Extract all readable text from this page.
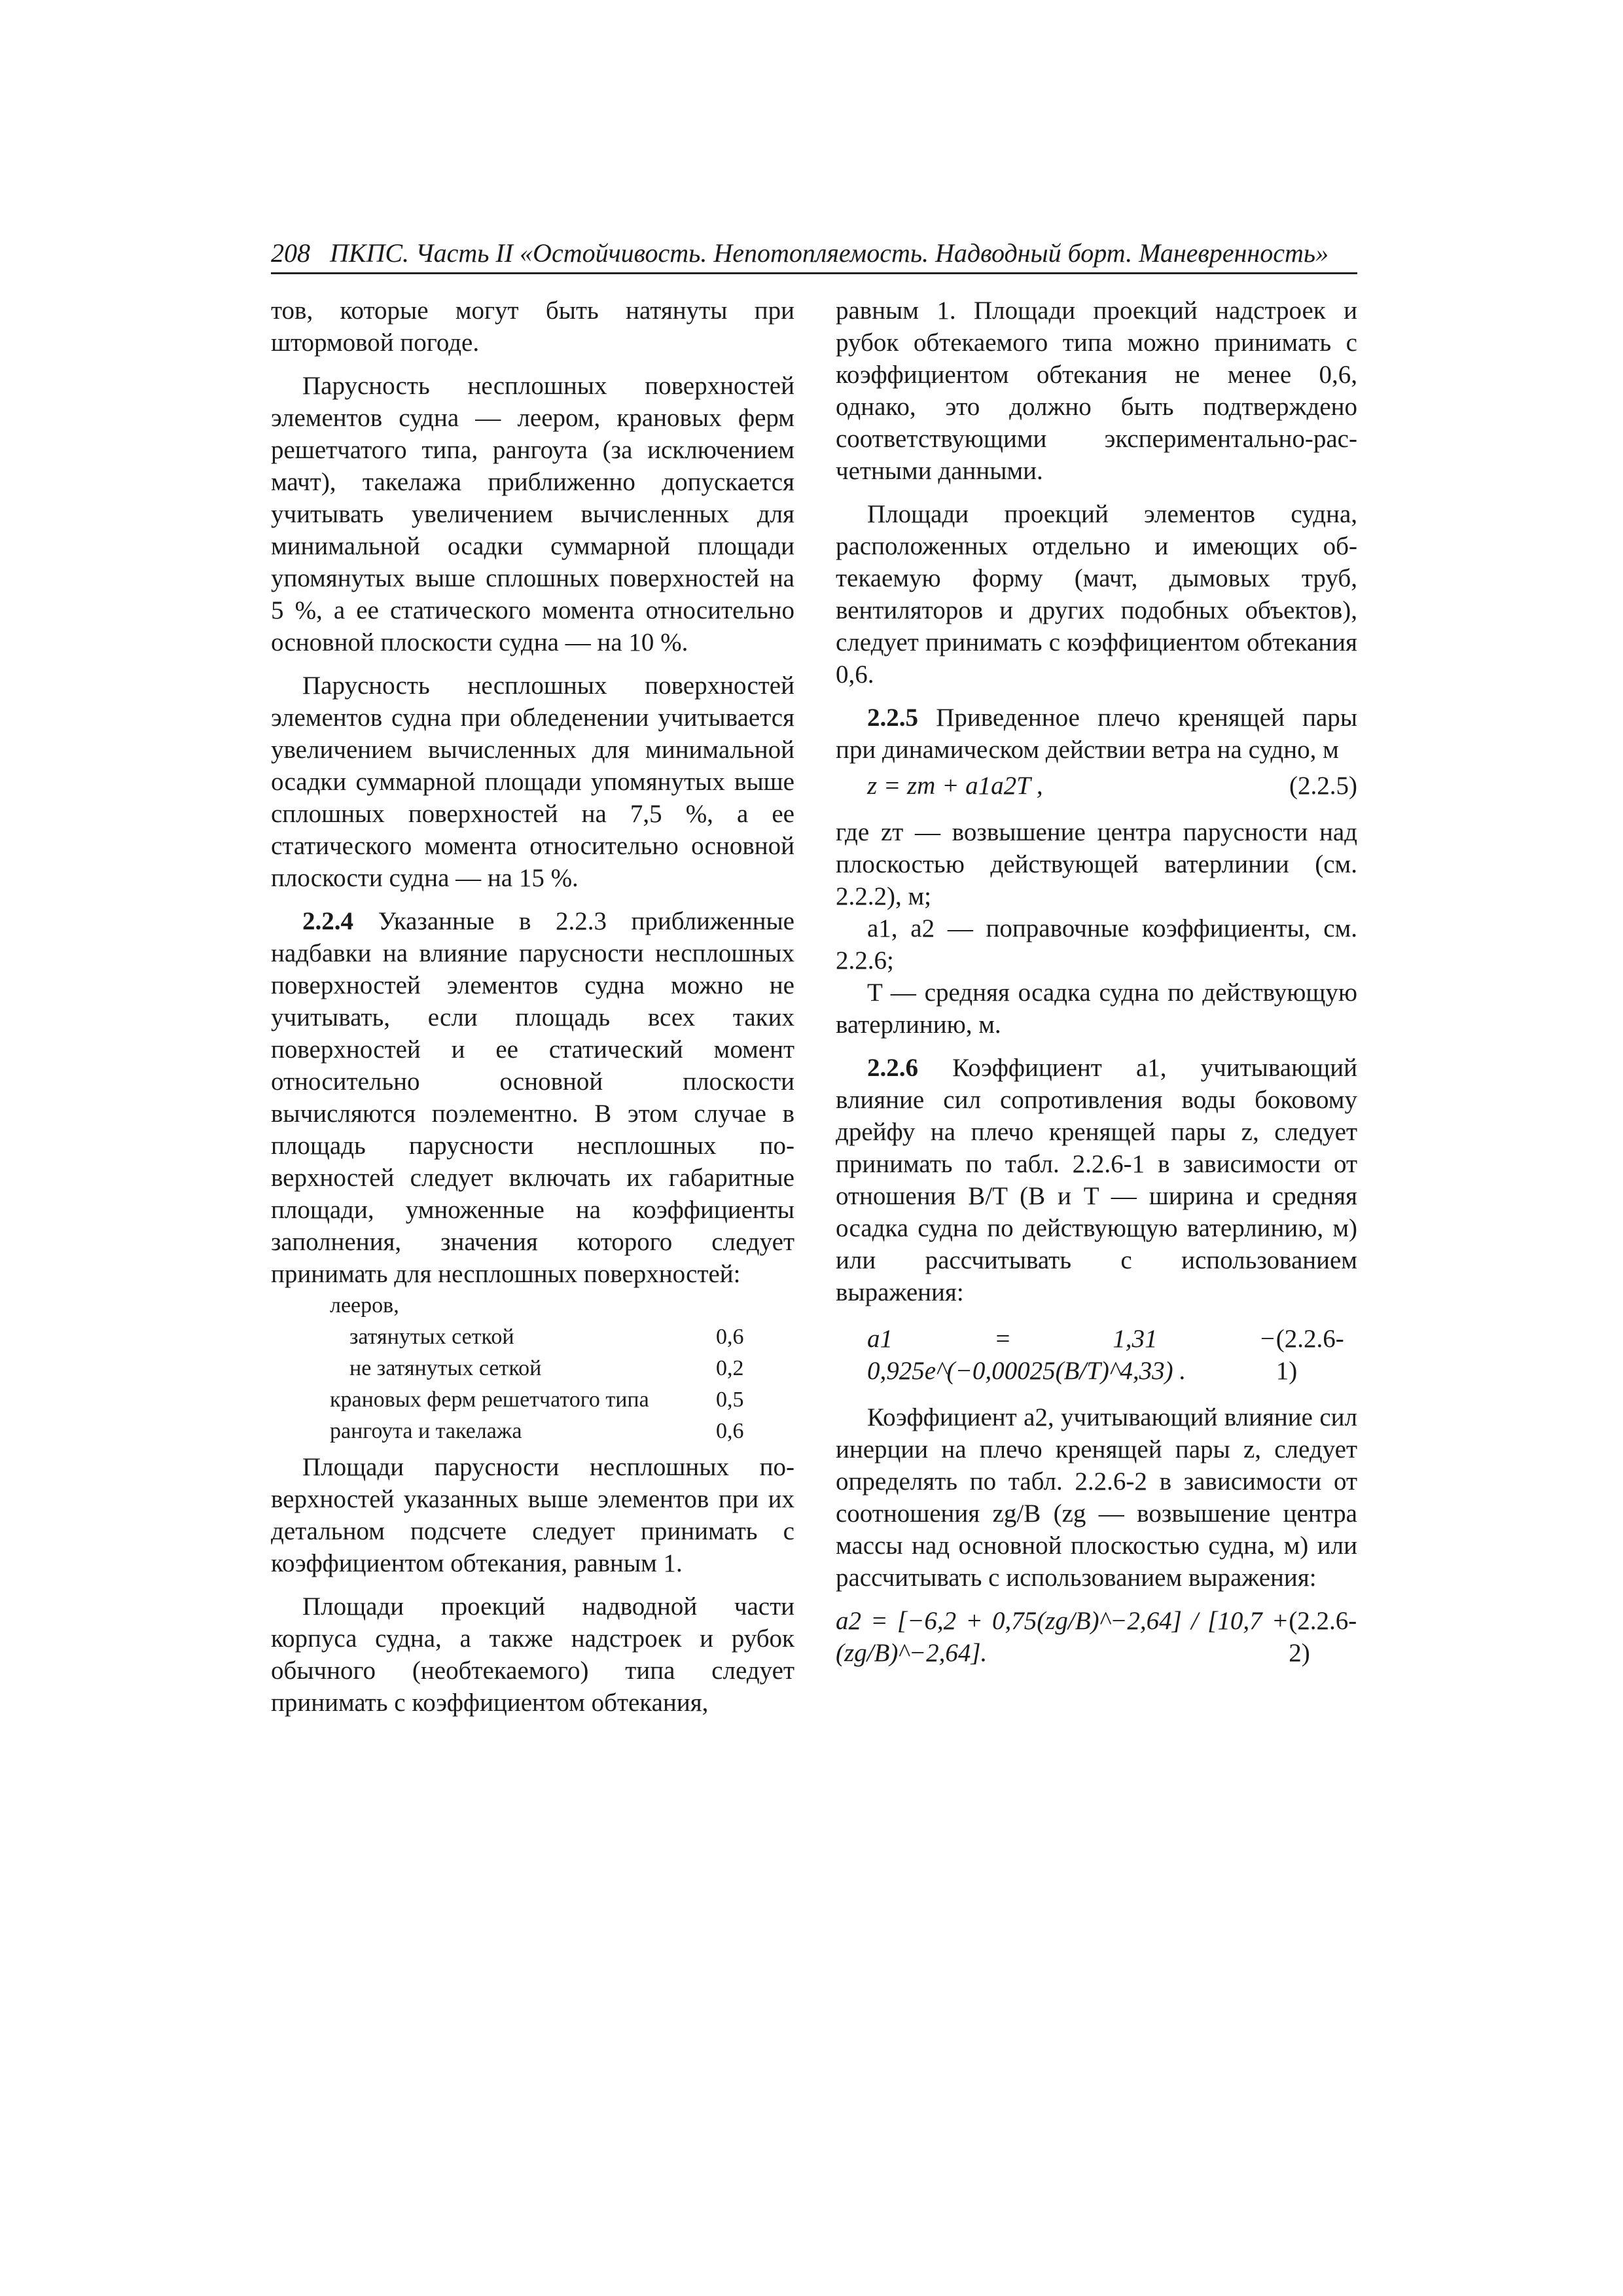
208 ПКПС. Часть II «Остойчивость. Непотопляемость. Надводный борт. Маневренность»

тов, которые могут быть натянуты при штормовой погоде.

Парусность несплошных поверхностей элементов судна — леером, крановых ферм решетчатого типа, рангоута (за исключением мачт), такелажа приближенно допускается учитывать увеличением вычисленных для минимальной осадки суммарной площади упомянутых выше сплошных поверхностей на 5 %, а ее статического момента относительно основной плоскости судна — на 10 %.

Парусность несплошных поверхностей элементов судна при обледенении учитывается увеличением вычисленных для минимальной осадки суммарной площади упомянутых выше сплошных поверхностей на 7,5 %, а ее статического момента относительно основной плоскости судна — на 15 %.

2.2.4 Указанные в 2.2.3 приближенные надбавки на влияние парусности несплошных поверхностей элементов судна можно не учитывать, если площадь всех таких поверхностей и ее статический момент относительно основной плоскости вычисляются поэлементно. В этом случае в площадь парусности несплошных поверхностей следует включать их габаритные площади, умноженные на коэффициенты заполнения, значения которого следует принимать для несплошных поверхностей:

лееров,
затянутых сеткой	0,6
не затянутых сеткой	0,2
крановых ферм решетчатого типа	0,5
рангоута и такелажа	0,6

Площади парусности несплошных поверхностей указанных выше элементов при их детальном подсчете следует принимать с коэффициентом обтекания, равным 1.

Площади проекций надводной части корпуса судна, а также надстроек и рубок обычного (необтекаемого) типа следует принимать с коэффициентом обтекания,

равным 1. Площади проекций надстроек и рубок обтекаемого типа можно принимать с коэффициентом обтекания не менее 0,6, однако, это должно быть подтверждено соответствующими экспериментально-расчетными данными.

Площади проекций элементов судна, расположенных отдельно и имеющих обтекаемую форму (мачт, дымовых труб, вентиляторов и других подобных объектов), следует принимать с коэффициентом обтекания 0,6.

2.2.5 Приведенное плечо кренящей пары при динамическом действии ветра на судно, м

z = zт + a1a2T ,	(2.2.5)

где zт — возвышение центра парусности над плоскостью действующей ватерлинии (см. 2.2.2), м;

a1, a2 — поправочные коэффициенты, см. 2.2.6;

T — средняя осадка судна по действующую ватерлинию, м.

2.2.6 Коэффициент a1, учитывающий влияние сил сопротивления воды боковому дрейфу на плечо кренящей пары z, следует принимать по табл. 2.2.6-1 в зависимости от отношения B/T (B и T — ширина и средняя осадка судна по действующую ватерлинию, м) или рассчитывать с использованием выражения:

a1 = 1,31 − 0,925e^(−0,00025(B/T)^4,33) .
(2.2.6-1)

Коэффициент a2, учитывающий влияние сил инерции на плечо кренящей пары z, следует определять по табл. 2.2.6-2 в зависимости от соотношения zg/B (zg — возвышение центра массы над основной плоскостью судна, м) или рассчитывать с использованием выражения:

a2 = [−6,2 + 0,75(zg/B)^−2,64] / [10,7 + (zg/B)^−2,64].
(2.2.6-2)
